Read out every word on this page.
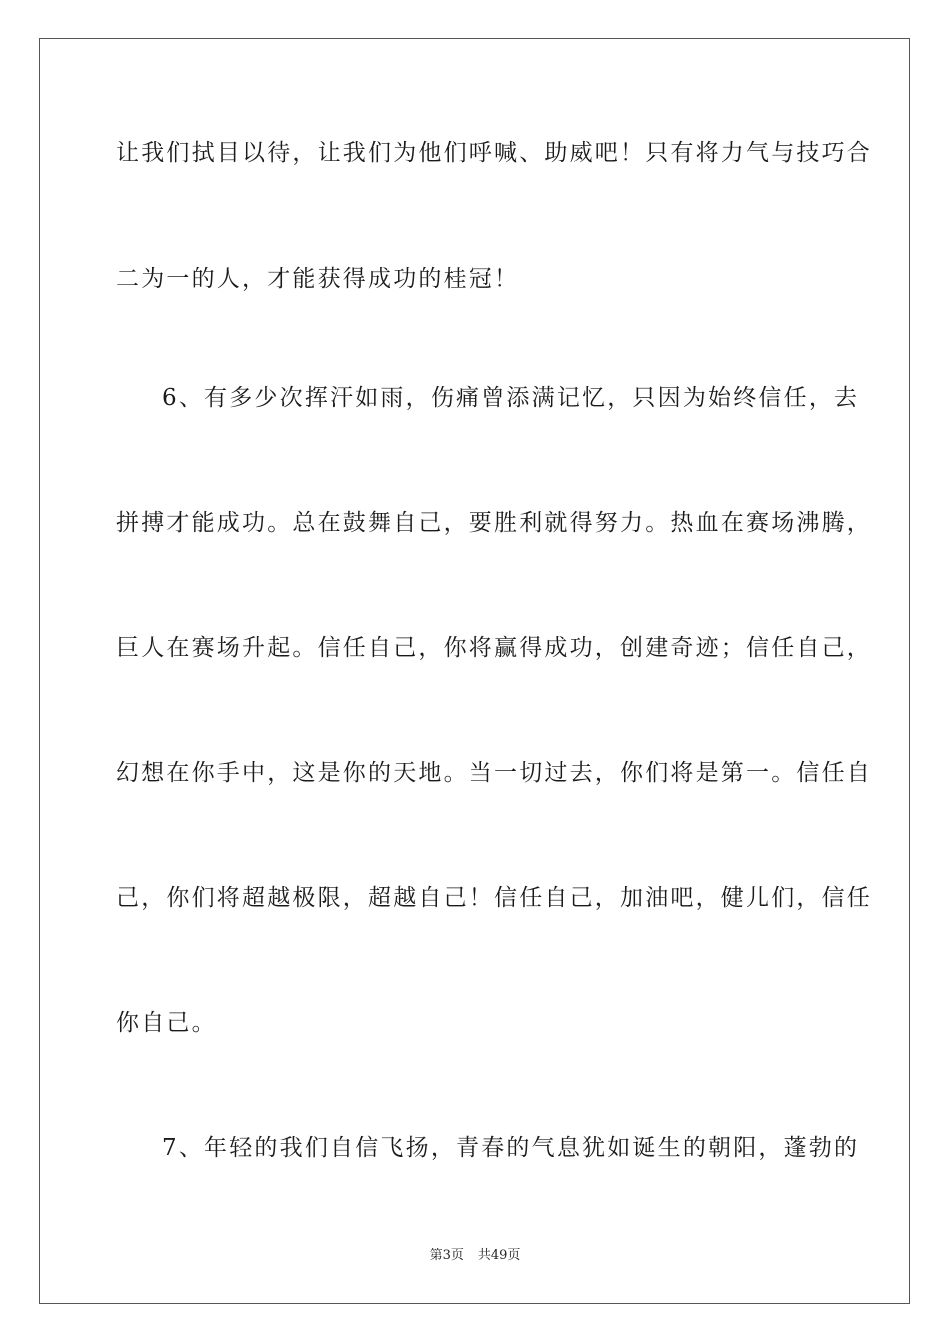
让我们拭目以待，让我们为他们呼喊、助威吧！只有将力气与技巧合
二为一的人，才能获得成功的桂冠！
6、有多少次挥汗如雨，伤痛曾添满记忆，只因为始终信任，去
拼搏才能成功。总在鼓舞自己，要胜利就得努力。热血在赛场沸腾，
巨人在赛场升起。信任自己，你将赢得成功，创建奇迹；信任自己，
幻想在你手中，这是你的天地。当一切过去，你们将是第一。信任自
己，你们将超越极限，超越自己！信任自己，加油吧，健儿们，信任
你自己。
7、年轻的我们自信飞扬，青春的气息犹如诞生的朝阳，蓬勃的
第3页 共49页
